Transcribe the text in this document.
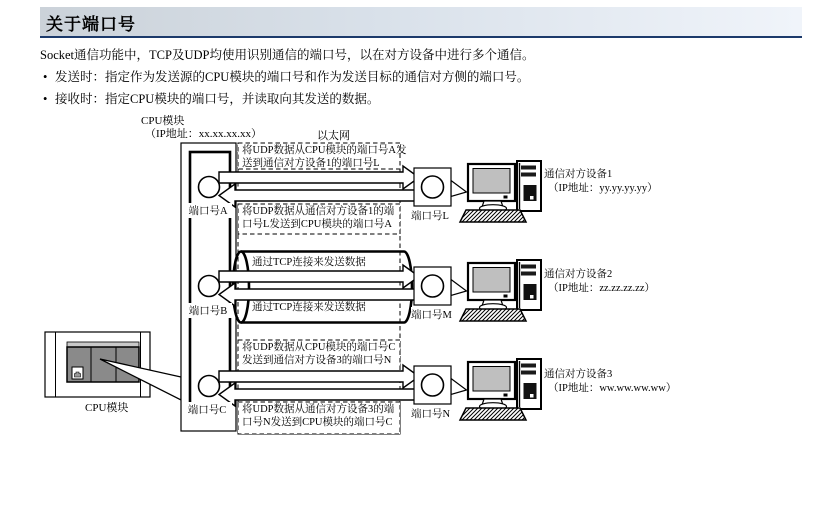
关于端口号
Socket通信功能中，TCP及UDP均使用识别通信的端口号，以在对方设备中进行多个通信。
• 发送时：指定作为发送源的CPU模块的端口号和作为发送目标的通信对方侧的端口号。
• 接收时：指定CPU模块的端口号，并读取向其发送的数据。
CPU模块
（IP地址：xx.xx.xx.xx）	以太网
CPU模块
端口号A
端口号B
端口号C
将UDP数据从CPU模块的端口号A发
送到通信对方设备1的端口号L
将UDP数据从通信对方设备1的端
口号L发送到CPU模块的端口号A
通过TCP连接来发送数据
通过TCP连接来发送数据
将UDP数据从CPU模块的端口号C
发送到通信对方设备3的端口号N
将UDP数据从通信对方设备3的端
口号N发送到CPU模块的端口号C
端口号L
端口号M
端口号N
通信对方设备1
（IP地址：yy.yy.yy.yy）
通信对方设备2
（IP地址：zz.zz.zz.zz）
通信对方设备3
（IP地址：ww.ww.ww.ww）
